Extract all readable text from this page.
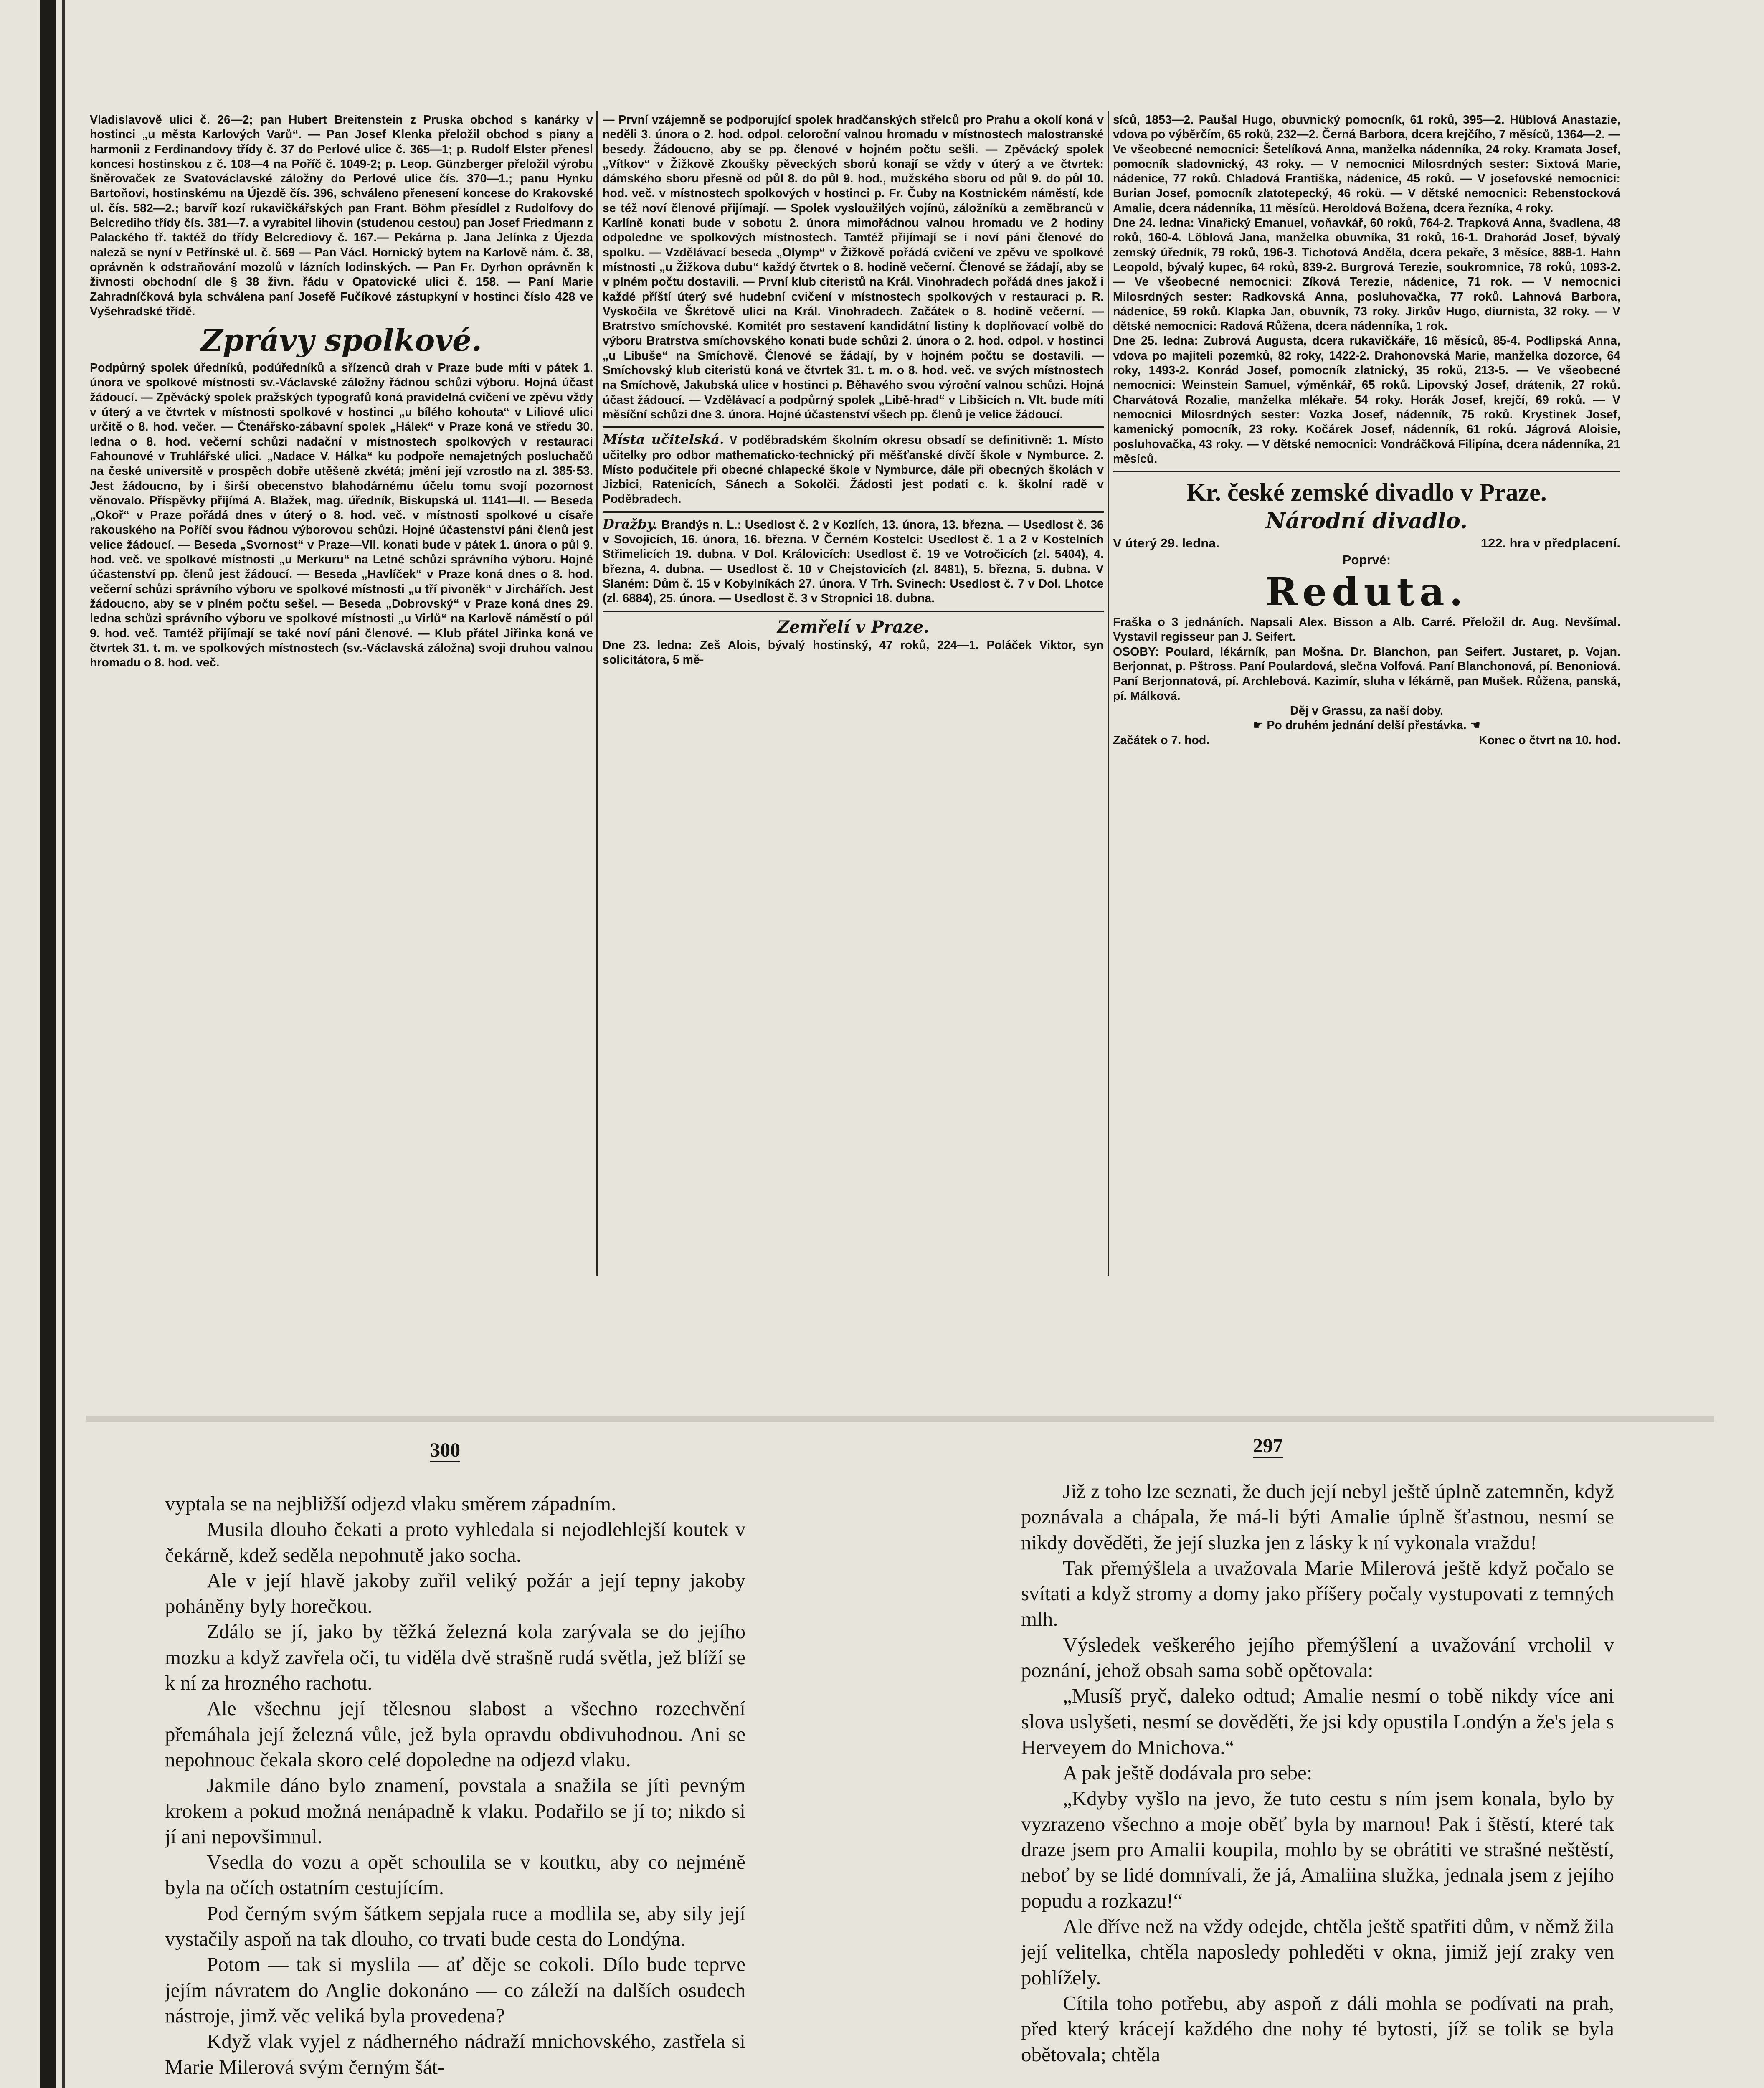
Vladislavově ulici č. 26—2; pan Hubert Breitenstein z Pruska obchod s kanárky v hostinci „u města Karlových Varů“. — Pan Josef Klenka přeložil obchod s piany a harmonii z Ferdinandovy třídy č. 37 do Perlové ulice č. 365—1; p. Rudolf Elster přenesl koncesi hostinskou z č. 108—4 na Poříč č. 1049-2; p. Leop. Günzberger přeložil výrobu šněrovaček ze Svatováclavské záložny do Perlové ulice čís. 370—1.; panu Hynku Bartoňovi, hostinskému na Újezdě čís. 396, schváleno přenesení koncese do Krakovské ul. čís. 582—2.; barvíř kozí rukavičkářských pan Frant. Böhm přesídlel z Rudolfovy do Belcrediho třídy čís. 381—7. a vyrabitel lihovin (studenou cestou) pan Josef Friedmann z Palackého tř. taktéž do třídy Belcrediovy č. 167.— Pekárna p. Jana Jelínka z Újezda naleză se nyní v Petřínské ul. č. 569 — Pan Václ. Hornický bytem na Karlově nám. č. 38, oprávněn k odstraňování mozolů v lázních lodinských. — Pan Fr. Dyrhon oprávněn k živnosti obchodní dle § 38 živn. řádu v Opatovické ulici č. 158. — Paní Marie Zahradníčková byla schválena paní Josefě Fučíkové zástupkyní v hostinci číslo 428 ve Vyšehradské třídě.

Zprávy spolkové.

Podpůrný spolek úředníků, podúředníků a sřízenců drah v Praze bude míti v pátek 1. února ve spolkové místnosti sv.-Václavské záložny řádnou schůzi výboru. Hojná účast žádoucí. — Zpěvácký spolek pražských typografů koná pravidelná cvičení ve zpěvu vždy v úterý a ve čtvrtek v místnosti spolkové v hostinci „u bílého kohouta“ v Liliové ulici určitě o 8. hod. večer. — Čtenářsko-zábavní spolek „Hálek“ v Praze koná ve středu 30. ledna o 8. hod. večerní schůzi nadační v místnostech spolkových v restauraci Fahounové v Truhlářské ulici. „Nadace V. Hálka“ ku podpoře nemajetných posluchačů na české universitě v prospěch dobře utěšeně zkvétá; jmění její vzrostlo na zl. 385·53. Jest žádoucno, by i širší obecenstvo blahodárnému účelu tomu svojí pozornost věnovalo. Příspěvky přijímá A. Blažek, mag. úředník, Biskupská ul. 1141—II. — Beseda „Okoř“ v Praze pořádá dnes v úterý o 8. hod. več. v místnosti spolkové u císaře rakouského na Poříčí svou řádnou výborovou schůzi. Hojné účastenství páni členů jest velice žádoucí. — Beseda „Svornost“ v Praze—VII. konati bude v pátek 1. února o půl 9. hod. več. ve spolkové místnosti „u Merkuru“ na Letné schůzi správního výboru. Hojné účastenství pp. členů jest žádoucí. — Beseda „Havlíček“ v Praze koná dnes o 8. hod. večerní schůzi správního výboru ve spolkové místnosti „u tří pivoněk“ v Jirchářích. Jest žádoucno, aby se v plném počtu sešel. — Beseda „Dobrovský“ v Praze koná dnes 29. ledna schůzi správního výboru ve spolkové místnosti „u Virlů“ na Karlově náměstí o půl 9. hod. več. Tamtéž přijímají se také noví páni členové. — Klub přátel Jiřinka koná ve čtvrtek 31. t. m. ve spolkových místnostech (sv.-Václavská záložna) svoji druhou valnou hromadu o 8. hod. več.

— První vzájemně se podporující spolek hradčanských střelců pro Prahu a okolí koná v neděli 3. února o 2. hod. odpol. celoroční valnou hromadu v místnostech malostranské besedy. Žádoucno, aby se pp. členové v hojném počtu sešli. — Zpěvácký spolek „Vítkov“ v Žižkově Zkoušky pěveckých sborů konají se vždy v úterý a ve čtvrtek: dámského sboru přesně od půl 8. do půl 9. hod., mužského sboru od půl 9. do půl 10. hod. več. v místnostech spolkových v hostinci p. Fr. Čuby na Kostnickém náměstí, kde se též noví členové přijímají. — Spolek vysloužilých vojínů, záložníků a zeměbranců v Karlíně konati bude v sobotu 2. února mimořádnou valnou hromadu ve 2 hodiny odpoledne ve spolkových místnostech. Tamtéž přijímají se i noví páni členové do spolku. — Vzdělávací beseda „Olymp“ v Žižkově pořádá cvičení ve zpěvu ve spolkové místnosti „u Žižkova dubu“ každý čtvrtek o 8. hodině večerní. Členové se žádají, aby se v plném počtu dostavili. — První klub citeristů na Král. Vinohradech pořádá dnes jakož i každé příští úterý své hudební cvičení v místnostech spolkových v restauraci p. R. Vyskočila ve Škrétově ulici na Král. Vinohradech. Začátek o 8. hodině večerní. — Bratrstvo smíchovské. Komitét pro sestavení kandidátní listiny k doplňovací volbě do výboru Bratrstva smíchovského konati bude schůzi 2. února o 2. hod. odpol. v hostinci „u Libuše“ na Smíchově. Členové se žádají, by v hojném počtu se dostavili. — Smíchovský klub citeristů koná ve čtvrtek 31. t. m. o 8. hod. več. ve svých místnostech na Smíchově, Jakubská ulice v hostinci p. Běhavého svou výroční valnou schůzi. Hojná účast žádoucí. — Vzdělávací a podpůrný spolek „Libě-hrad“ v Libšicích n. Vlt. bude míti měsíční schůzi dne 3. února. Hojné účastenství všech pp. členů je velice žádoucí.

Místa učitelská. V poděbradském školním okresu obsadí se definitivně: 1. Místo učitelky pro odbor mathematicko-technický při měšťanské dívčí škole v Nymburce. 2. Místo podučitele při obecné chlapecké škole v Nymburce, dále při obecných školách v Jizbici, Ratenicích, Sánech a Sokolči. Žádosti jest podati c. k. školní radě v Poděbradech.

Dražby. Brandýs n. L.: Usedlost č. 2 v Kozlích, 13. února, 13. března. — Usedlost č. 36 v Sovojicích, 16. února, 16. března. V Černém Kostelci: Usedlost č. 1 a 2 v Kostelních Střimelicích 19. dubna. V Dol. Královicích: Usedlost č. 19 ve Votročicích (zl. 5404), 4. března, 4. dubna. — Usedlost č. 10 v Chejstovicích (zl. 8481), 5. března, 5. dubna. V Slaném: Dům č. 15 v Kobylníkách 27. února. V Trh. Svinech: Usedlost č. 7 v Dol. Lhotce (zl. 6884), 25. února. — Usedlost č. 3 v Stropnici 18. dubna.

Zemřelí v Praze.

Dne 23. ledna: Zeš Alois, bývalý hostinský, 47 roků, 224—1. Poláček Viktor, syn solicitátora, 5 mě-

síců, 1853—2. Paušal Hugo, obuvnický pomocník, 61 roků, 395—2. Hüblová Anastazie, vdova po výběrčím, 65 roků, 232—2. Černá Barbora, dcera krejčího, 7 měsíců, 1364—2. — Ve všeobecné nemocnici: Šetelíková Anna, manželka nádenníka, 24 roky. Kramata Josef, pomocník sladovnický, 43 roky. — V nemocnici Milosrdných sester: Sixtová Marie, nádenice, 77 roků. Chladová Františka, nádenice, 45 roků. — V josefovské nemocnici: Burian Josef, pomocník zlatotepecký, 46 roků. — V dětské nemocnici: Rebenstocková Amalie, dcera nádenníka, 11 měsíců. Heroldová Božena, dcera řezníka, 4 roky.

Dne 24. ledna: Vinařický Emanuel, voňavkář, 60 roků, 764-2. Trapková Anna, švadlena, 48 roků, 160-4. Löblová Jana, manželka obuvníka, 31 roků, 16-1. Drahorád Josef, bývalý zemský úředník, 79 roků, 196-3. Tichotová Anděla, dcera pekaře, 3 měsíce, 888-1. Hahn Leopold, bývalý kupec, 64 roků, 839-2. Burgrová Terezie, soukromnice, 78 roků, 1093-2. — Ve všeobecné nemocnici: Zíková Terezie, nádenice, 71 rok. — V nemocnici Milosrdných sester: Radkovská Anna, posluhovačka, 77 roků. Lahnová Barbora, nádenice, 59 roků. Klapka Jan, obuvník, 73 roky. Jirkův Hugo, diurnista, 32 roky. — V dětské nemocnici: Radová Růžena, dcera nádenníka, 1 rok.

Dne 25. ledna: Zubrová Augusta, dcera rukavičkáře, 16 měsíců, 85-4. Podlipská Anna, vdova po majiteli pozemků, 82 roky, 1422-2. Drahonovská Marie, manželka dozorce, 64 roky, 1493-2. Konrád Josef, pomocník zlatnický, 35 roků, 213-5. — Ve všeobecné nemocnici: Weinstein Samuel, výměnkář, 65 roků. Lipovský Josef, drátenik, 27 roků. Charvátová Rozalie, manželka mlékaře. 54 roky. Horák Josef, krejčí, 69 roků. — V nemocnici Milosrdných sester: Vozka Josef, nádenník, 75 roků. Krystinek Josef, kamenický pomocník, 23 roky. Kočárek Josef, nádenník, 61 roků. Jágrová Aloisie, posluhovačka, 43 roky. — V dětské nemocnici: Vondráčková Filipína, dcera nádenníka, 21 měsíců.

Kr. české zemské divadlo v Praze.
Národní divadlo.
V úterý 29. ledna.	122. hra v předplacení.
Poprvé:
Reduta.

Fraška o 3 jednáních. Napsali Alex. Bisson a Alb. Carré. Přeložil dr. Aug. Nevšímal. Vystavil regisseur pan J. Seifert.

OSOBY: Poulard, lékárník, pan Mošna. Dr. Blanchon, pan Seifert. Justaret, p. Vojan. Berjonnat, p. Pštross. Paní Poulardová, slečna Volfová. Paní Blanchonová, pí. Benoniová. Paní Berjonnatová, pí. Archlebová. Kazimír, sluha v lékárně, pan Mušek. Růžena, panská, pí. Málková.

Děj v Grassu, za naší doby.
☛ Po druhém jednání delší přestávka. ☚
Začátek o 7. hod.	Konec o čtvrt na 10. hod.
300	297

vyptala se na nejbližší odjezd vlaku směrem západním.

Musila dlouho čekati a proto vyhledala si nejodlehlejší koutek v čekárně, kdež seděla nepohnutě jako socha.

Ale v její hlavě jakoby zuřil veliký požár a její tepny jakoby poháněny byly horečkou.

Zdálo se jí, jako by těžká železná kola zarývala se do jejího mozku a když zavřela oči, tu viděla dvě strašně rudá světla, jež blíží se k ní za hrozného rachotu.

Ale všechnu její tělesnou slabost a všechno rozechvění přemáhala její železná vůle, jež byla opravdu obdivuhodnou. Ani se nepohnouc čekala skoro celé dopoledne na odjezd vlaku.

Jakmile dáno bylo znamení, povstala a snažila se jíti pevným krokem a pokud možná nenápadně k vlaku. Podařilo se jí to; nikdo si jí ani nepovšimnul.

Vsedla do vozu a opět schoulila se v koutku, aby co nejméně byla na očích ostatním cestujícím.

Pod černým svým šátkem sepjala ruce a modlila se, aby sily její vystačily aspoň na tak dlouho, co trvati bude cesta do Londýna.

Potom — tak si myslila — ať děje se cokoli. Dílo bude teprve jejím návratem do Anglie dokonáno — co záleží na dalších osudech nástroje, jimž věc veliká byla provedena?

Když vlak vyjel z nádherného nádraží mnichovského, zastřela si Marie Milerová svým černým šát-

Již z toho lze seznati, že duch její nebyl ještě úplně zatemněn, když poznávala a chápala, že má-li býti Amalie úplně šťastnou, nesmí se nikdy dověděti, že její sluzka jen z lásky k ní vykonala vraždu!

Tak přemýšlela a uvažovala Marie Milerová ještě když počalo se svítati a když stromy a domy jako příšery počaly vystupovati z temných mlh.

Výsledek veškerého jejího přemýšlení a uvažování vrcholil v poznání, jehož obsah sama sobě opětovala:

„Musíš pryč, daleko odtud; Amalie nesmí o tobě nikdy více ani slova uslyšeti, nesmí se dověděti, že jsi kdy opustila Londýn a že's jela s Herveyem do Mnichova.“

A pak ještě dodávala pro sebe:

„Kdyby vyšlo na jevo, že tuto cestu s ním jsem konala, bylo by vyzrazeno všechno a moje oběť byla by marnou! Pak i štěstí, které tak draze jsem pro Amalii koupila, mohlo by se obrátiti ve strašné neštěstí, neboť by se lidé domnívali, že já, Amaliina služka, jednala jsem z jejího popudu a rozkazu!“

Ale dříve než na vždy odejde, chtěla ještě spatřiti dům, v němž žila její velitelka, chtěla naposledy pohleděti v okna, jimiž její zraky ven pohlížely.

Cítila toho potřebu, aby aspoň z dáli mohla se podívati na prah, před který krácejí každého dne nohy té bytosti, jíž se tolik se byla obětovala; chtěla
